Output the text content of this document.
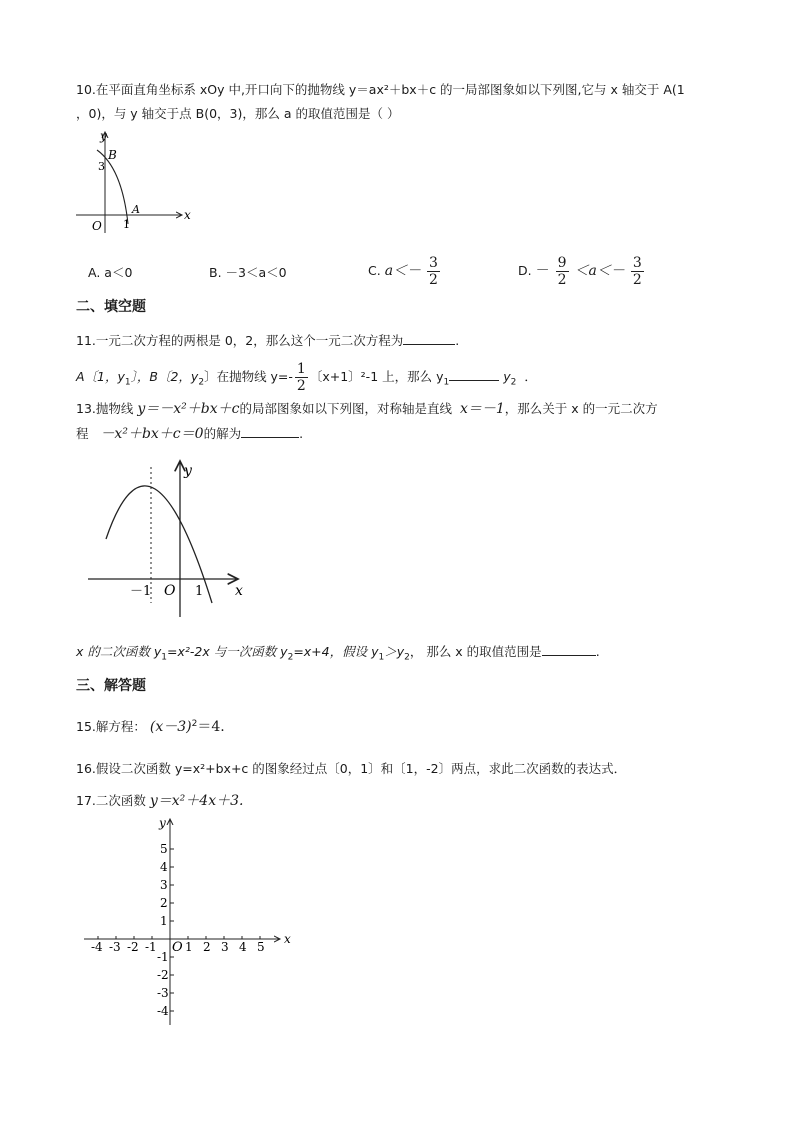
10.在平面直角坐标系 xOy 中,开口向下的抛物线 y＝ax²＋bx＋c 的一局部图象如以下列图,它与 x 轴交于 A(1
，0)，与 y 轴交于点 B(0，3)，那么 a 的取值范围是（ ）
y
x
B
3
A
1
O
A. a＜0	B. －3＜a＜0	C. $a<- \frac{3}{2}$	D. － $\frac{9}{2} <a<- \frac{3}{2}$
二、填空题
11.一元二次方程的两根是 0，2，那么这个一元二次方程为	.
A〔1，$y_1$〕，B〔2，$y_2$〕在抛物线 $y=- \frac{1}{2}$ 〔x+1〕²-1 上，那么 $y_1$	$y_2$ ．
13.抛物线 y＝－x²＋bx＋c的局部图象如以下列图，对称轴是直线 x＝－1，那么关于 x 的一元二次方
程 －x²＋bx＋c＝0的解为	.
y
x
－1 O 1
x 的二次函数 $y_1=x^2-2x$ 与一次函数 $y_2=x+4$，假设 $y_1>y_2$， 那么 x 的取值范围是	.
三、解答题
15.解方程： $(x-3)^2=4$.
16.假设二次函数 y=x²+bx+c 的图象经过点〔0，1〕和〔1，-2〕两点，求此二次函数的表达式．
17.二次函数 y＝x²＋4x＋3.
-4 -3 -2 -1 1 2 3 4 5
5
4
3
2
1
-1
-2
-3
-4
y
x
O
